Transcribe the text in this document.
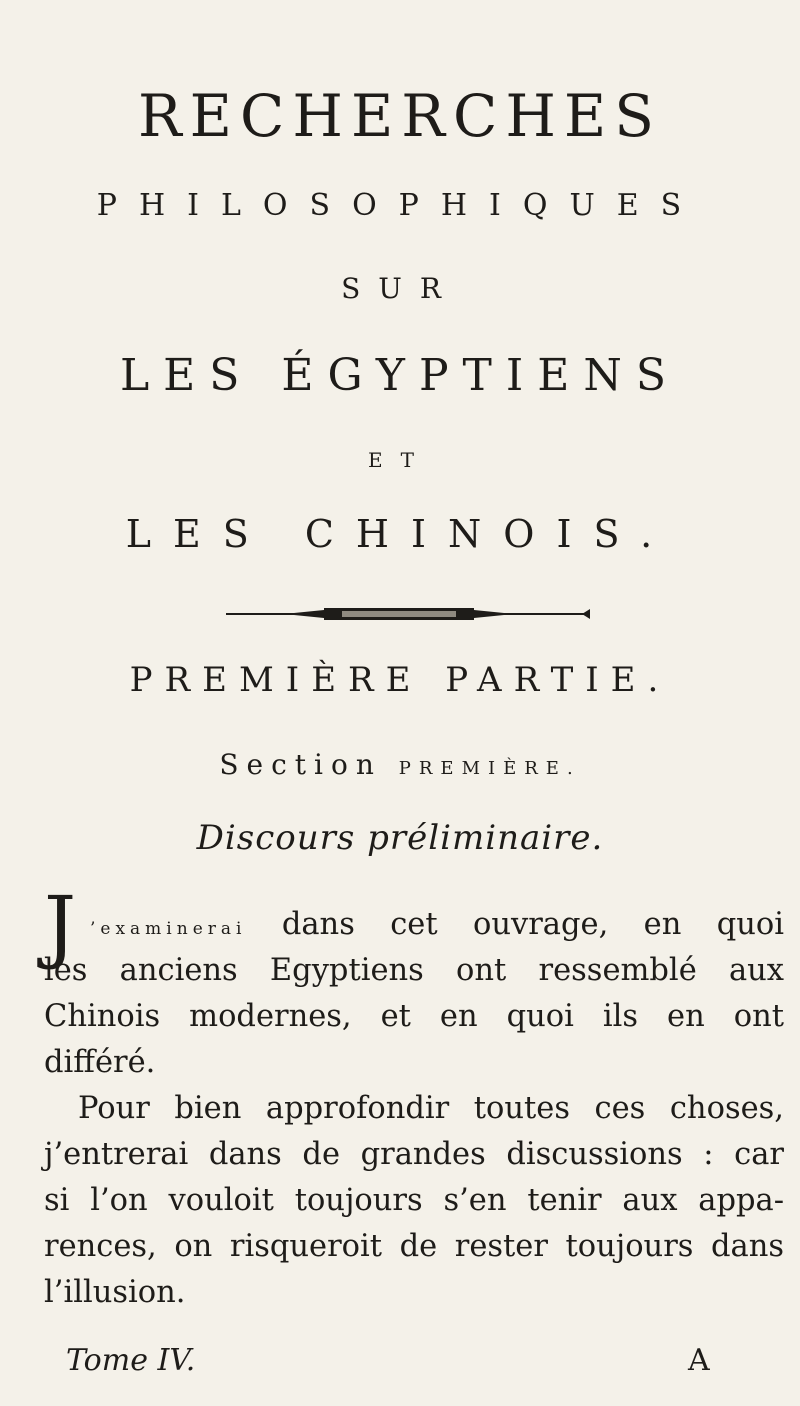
RECHERCHES
PHILOSOPHIQUES
SUR
LES ÉGYPTIENS
ET
LES CHINOIS.
PREMIÈRE PARTIE.
Section PREMIÈRE.
Discours préliminaire.
J ’examinerai dans cet ouvrage, en quoi
les anciens Egyptiens ont ressemblé aux
Chinois modernes, et en quoi ils en ont
différé.
Pour bien approfondir toutes ces choses,
j’entrerai dans de grandes discussions : car
si l’on vouloit toujours s’en tenir aux appa-
rences, on risqueroit de rester toujours dans
l’illusion.
Tome IV.	A
